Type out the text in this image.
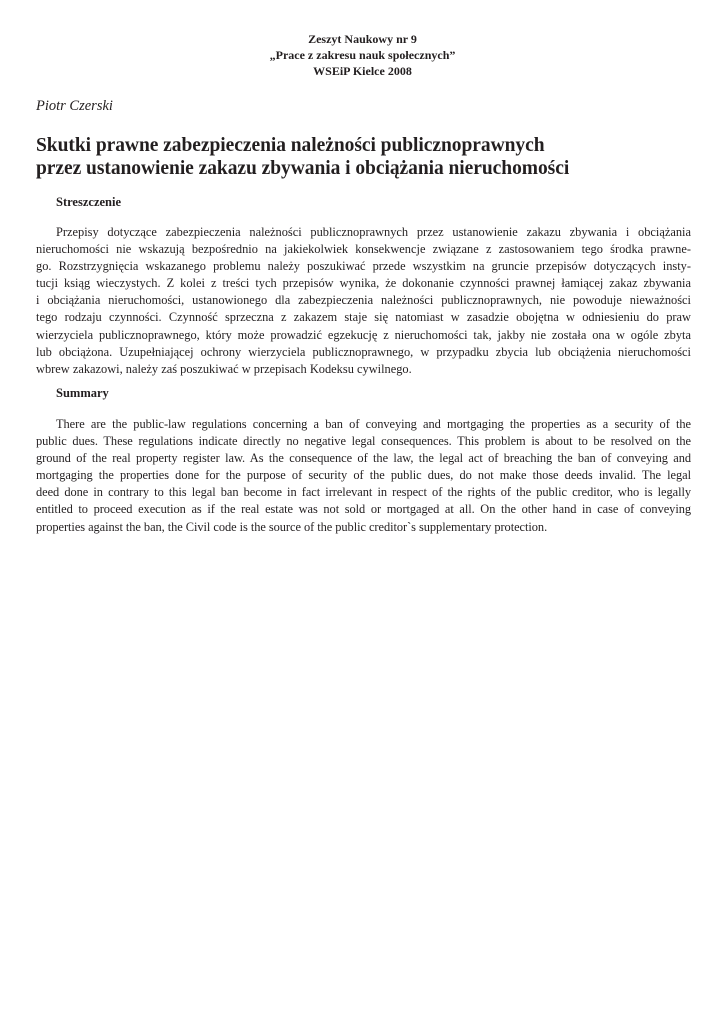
Zeszyt Naukowy nr 9
„Prace z zakresu nauk społecznych”
WSEiP Kielce 2008
Piotr Czerski
Skutki prawne zabezpieczenia należności publicznoprawnych
przez ustanowienie zakazu zbywania i obciążania nieruchomości
Streszczenie
Przepisy dotyczące zabezpieczenia należności publicznoprawnych przez ustanowienie zakazu zbywania i obciążania
nieruchomości nie wskazują bezpośrednio na jakiekolwiek konsekwencje związane z zastosowaniem tego środka prawne-
go. Rozstrzygnięcia wskazanego problemu należy poszukiwać przede wszystkim na gruncie przepisów dotyczących insty-
tucji ksiąg wieczystych. Z kolei z treści tych przepisów wynika, że dokonanie czynności prawnej łamiącej zakaz zbywania
i obciążania nieruchomości, ustanowionego dla zabezpieczenia należności publicznoprawnych, nie powoduje nieważności
tego rodzaju czynności. Czynność sprzeczna z zakazem staje się natomiast w zasadzie obojętna w odniesieniu do praw
wierzyciela publicznoprawnego, który może prowadzić egzekucję z nieruchomości tak, jakby nie została ona w ogóle zbyta
lub obciążona. Uzupełniającej ochrony wierzyciela publicznoprawnego, w przypadku zbycia lub obciążenia nieruchomości
wbrew zakazowi, należy zaś poszukiwać w przepisach Kodeksu cywilnego.
Summary
There are the public-law regulations concerning a ban of conveying and mortgaging the properties as a security of the
public dues. These regulations indicate directly no negative legal consequences. This problem is about to be resolved on the
ground of the real property register law. As the consequence of the law, the legal act of breaching the ban of conveying and
mortgaging the properties done for the purpose of security of the public dues, do not make those deeds invalid. The legal
deed done in contrary to this legal ban become in fact irrelevant in respect of the rights of the public creditor, who is legally
entitled to proceed execution as if the real estate was not sold or mortgaged at all. On the other hand in case of conveying
properties against the ban, the Civil code is the source of the public creditor`s supplementary protection.
